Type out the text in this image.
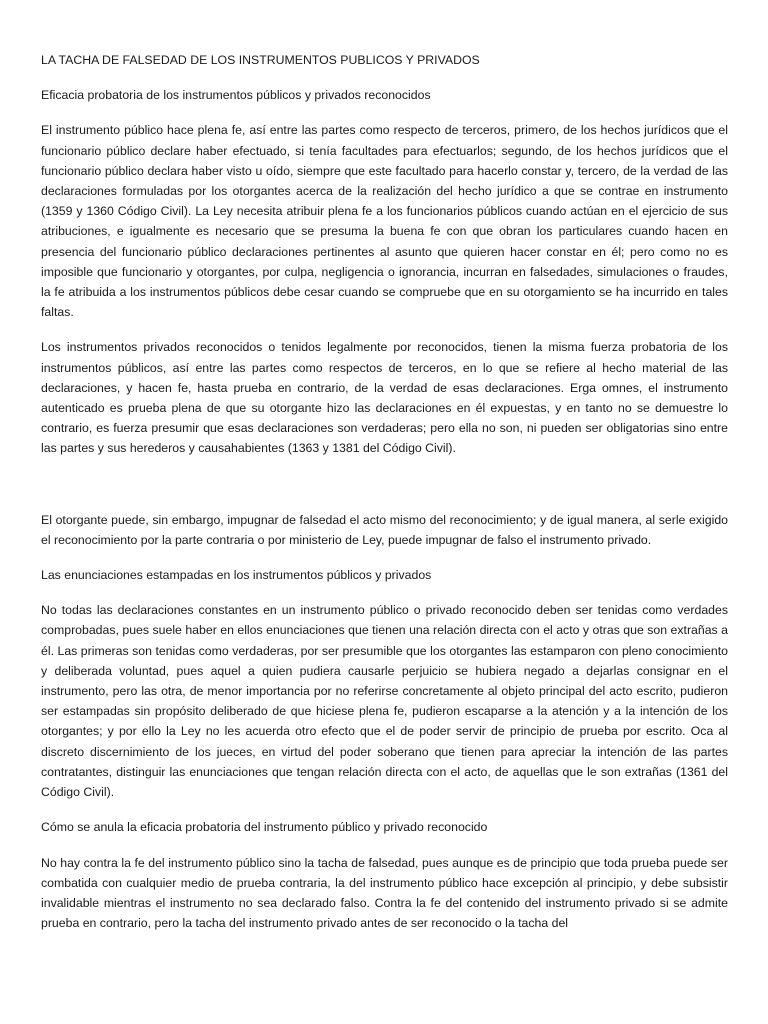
LA TACHA DE FALSEDAD DE LOS INSTRUMENTOS PUBLICOS Y PRIVADOS
Eficacia probatoria de los instrumentos públicos y privados reconocidos
El instrumento público hace plena fe, así entre las partes como respecto de terceros, primero, de los hechos jurídicos que el funcionario público declare haber efectuado, si tenía facultades para efectuarlos; segundo, de los hechos jurídicos que el funcionario público declara haber visto u oído, siempre que este facultado para hacerlo constar y, tercero, de la verdad de las declaraciones formuladas por los otorgantes acerca de la realización del hecho jurídico a que se contrae en instrumento (1359 y 1360 Código Civil). La Ley necesita atribuir plena fe a los funcionarios públicos cuando actúan en el ejercicio de sus atribuciones, e igualmente es necesario que se presuma la buena fe con que obran los particulares cuando hacen en presencia del funcionario público declaraciones pertinentes al asunto que quieren hacer constar en él; pero como no es imposible que funcionario y otorgantes, por culpa, negligencia o ignorancia, incurran en falsedades, simulaciones o fraudes, la fe atribuida a los instrumentos públicos debe cesar cuando se compruebe que en su otorgamiento se ha incurrido en tales faltas.
Los instrumentos privados reconocidos o tenidos legalmente por reconocidos, tienen la misma fuerza probatoria de los instrumentos públicos, así entre las partes como respectos de terceros, en lo que se refiere al hecho material de las declaraciones, y hacen fe, hasta prueba en contrario, de la verdad de esas declaraciones. Erga omnes, el instrumento autenticado es prueba plena de que su otorgante hizo las declaraciones en él expuestas, y en tanto no se demuestre lo contrario, es fuerza presumir que esas declaraciones son verdaderas; pero ella no son, ni pueden ser obligatorias sino entre las partes y sus herederos y causahabientes (1363 y 1381 del Código Civil).
El otorgante puede, sin embargo, impugnar de falsedad el acto mismo del reconocimiento; y de igual manera, al serle exigido el reconocimiento por la parte contraria o por ministerio de Ley, puede impugnar de falso el instrumento privado.
Las enunciaciones estampadas en los instrumentos públicos y privados
No todas las declaraciones constantes en un instrumento público o privado reconocido deben ser tenidas como verdades comprobadas, pues suele haber en ellos enunciaciones que tienen una relación directa con el acto y otras que son extrañas a él. Las primeras son tenidas como verdaderas, por ser presumible que los otorgantes las estamparon con pleno conocimiento y deliberada voluntad, pues aquel a quien pudiera causarle perjuicio se hubiera negado a dejarlas consignar en el instrumento, pero las otra, de menor importancia por no referirse concretamente al objeto principal del acto escrito, pudieron ser estampadas sin propósito deliberado de que hiciese plena fe, pudieron escaparse a la atención y a la intención de los otorgantes; y por ello la Ley no les acuerda otro efecto que el de poder servir de principio de prueba por escrito. Oca al discreto discernimiento de los jueces, en virtud del poder soberano que tienen para apreciar la intención de las partes contratantes, distinguir las enunciaciones que tengan relación directa con el acto, de aquellas que le son extrañas (1361 del Código Civil).
Cómo se anula la eficacia probatoria del instrumento público y privado reconocido
No hay contra la fe del instrumento público sino la tacha de falsedad, pues aunque es de principio que toda prueba puede ser combatida con cualquier medio de prueba contraria, la del instrumento público hace excepción al principio, y debe subsistir invalidable mientras el instrumento no sea declarado falso. Contra la fe del contenido del instrumento privado si se admite prueba en contrario, pero la tacha del instrumento privado antes de ser reconocido o la tacha del
